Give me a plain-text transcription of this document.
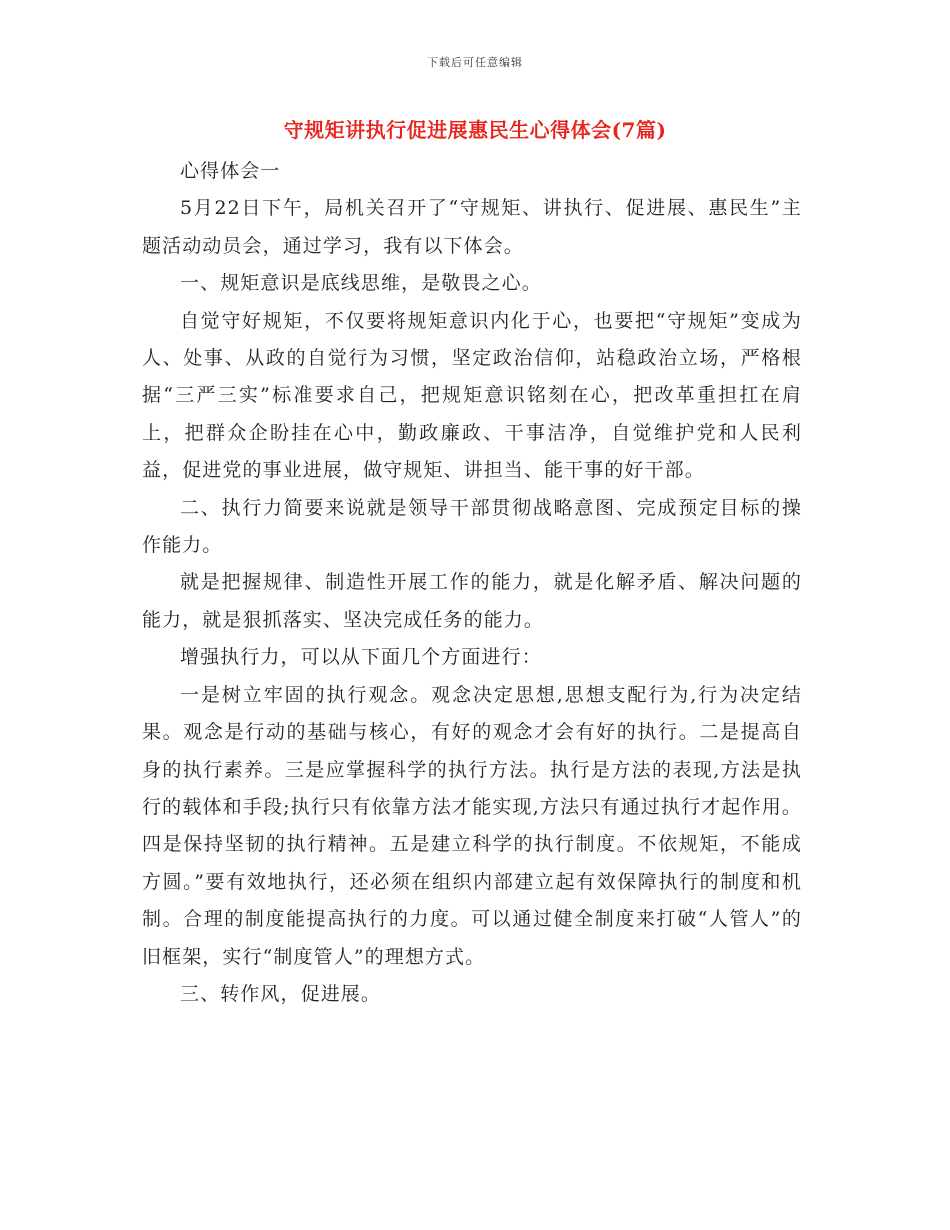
下载后可任意编辑
守规矩讲执行促进展惠民生心得体会(7篇)

心得体会一

5月22日下午，局机关召开了“守规矩、讲执行、促进展、惠民生”主题活动动员会，通过学习，我有以下体会。

一、规矩意识是底线思维，是敬畏之心。

自觉守好规矩，不仅要将规矩意识内化于心，也要把“守规矩”变成为人、处事、从政的自觉行为习惯，坚定政治信仰，站稳政治立场，严格根据“三严三实”标准要求自己，把规矩意识铭刻在心，把改革重担扛在肩上，把群众企盼挂在心中，勤政廉政、干事洁净，自觉维护党和人民利益，促进党的事业进展，做守规矩、讲担当、能干事的好干部。

二、执行力简要来说就是领导干部贯彻战略意图、完成预定目标的操作能力。

就是把握规律、制造性开展工作的能力，就是化解矛盾、解决问题的能力，就是狠抓落实、坚决完成任务的能力。

增强执行力，可以从下面几个方面进行：

一是树立牢固的执行观念。观念决定思想,思想支配行为,行为决定结果。观念是行动的基础与核心，有好的观念才会有好的执行。二是提高自身的执行素养。三是应掌握科学的执行方法。执行是方法的表现,方法是执行的载体和手段;执行只有依靠方法才能实现,方法只有通过执行才起作用。四是保持坚韧的执行精神。五是建立科学的执行制度。不依规矩，不能成方圆。”要有效地执行，还必须在组织内部建立起有效保障执行的制度和机制。合理的制度能提高执行的力度。可以通过健全制度来打破“人管人”的旧框架，实行“制度管人”的理想方式。

三、转作风，促进展。
